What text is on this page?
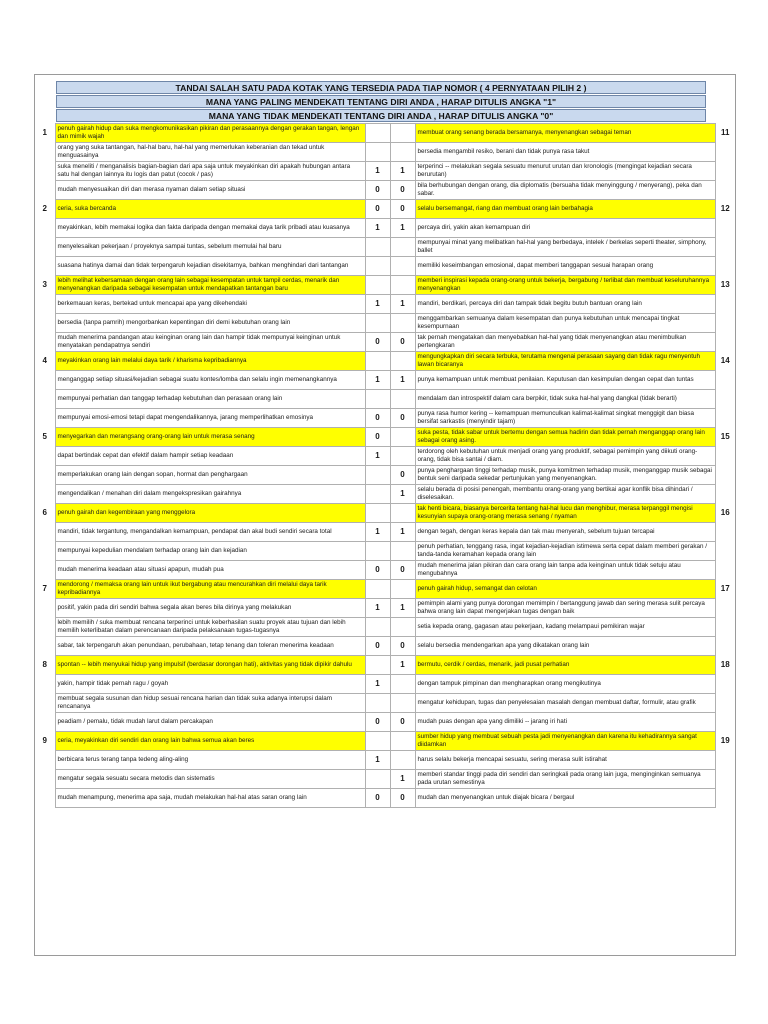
TANDAI SALAH SATU PADA KOTAK YANG TERSEDIA PADA TIAP NOMOR ( 4 PERNYATAAN PILIH 2 )
MANA YANG PALING MENDEKATI TENTANG DIRI ANDA , HARAP DITULIS ANGKA "1"
MANA YANG TIDAK MENDEKATI TENTANG DIRI ANDA , HARAP DITULIS ANGKA "0"
1	penuh gairah hidup dan suka mengkomunikasikan pikiran dan perasaannya dengan gerakan tangan, lengan dan mimik wajah			membuat orang senang berada bersamanya, menyenangkan sebagai teman	11
	orang yang suka tantangan, hal-hal baru, hal-hal yang memerlukan keberanian dan tekad untuk menguasainya			bersedia mengambil resiko, berani dan tidak punya rasa takut	
	suka meneliti / menganalisis bagian-bagian dari apa saja untuk meyakinkan diri apakah hubungan antara satu hal dengan lainnya itu logis dan patut (cocok / pas)	1	1	terperinci -- melakukan segala sesuatu menurut urutan dan kronologis (mengingat kejadian secara berurutan)	
	mudah menyesuaikan diri dan merasa nyaman dalam setiap situasi	0	0	bila berhubungan dengan orang, dia diplomatis (bersuaha tidak menyinggung / menyerang), peka dan sabar.	
2	ceria, suka bercanda	0	0	selalu bersemangat, riang dan membuat orang lain berbahagia	12
	meyakinkan, lebih memakai logika dan fakta daripada dengan memakai daya tarik pribadi atau kuasanya	1	1	percaya diri, yakin akan kemampuan diri	
	menyelesaikan pekerjaan / proyeknya sampai tuntas, sebelum memulai hal baru			mempunyai minat yang melibatkan hal-hal yang berbedaya, intelek / berkelas seperti theater, simphony, ballet	
	suasana hatinya damai dan tidak terpengaruh kejadian disekitarnya, bahkan menghindari dari tantangan			memiliki keseimbangan emosional, dapat memberi tanggapan sesuai harapan orang	
3	lebih melihat kebersamaan dengan orang lain sebagai kesempatan untuk tampil cerdas, menarik dan menyenangkan daripada sebagai kesempatan untuk mendapatkan tantangan baru			memberi inspirasi kepada orang-orang untuk bekerja, bergabung / terlibat dan membuat keseluruhannya menyenangkan	13
	berkemauan keras, bertekad untuk mencapai apa yang dikehendaki	1	1	mandiri, berdikari, percaya diri dan tampak tidak begitu butuh bantuan orang lain	
	bersedia (tanpa pamrih) mengorbankan kepentingan diri demi kebutuhan orang lain			menggambarkan semuanya dalam kesempatan dan punya kebutuhan untuk mencapai tingkat kesempurnaan	
	mudah menerima pandangan atau keinginan orang lain dan hampir tidak mempunyai keinginan untuk menyatakan pendapatnya sendiri	0	0	tak pernah mengatakan dan menyebabkan hal-hal yang tidak menyenangkan atau menimbulkan pertengkaran	
4	meyakinkan orang lain melalui daya tarik / kharisma kepribadiannya			mengungkapkan diri secara terbuka, terutama mengenai perasaan sayang dan tidak ragu menyentuh lawan bicaranya	14
	menganggap setiap situasi/kejadian sebagai suatu kontes/lomba dan selalu ingin memenangkannya	1	1	punya kemampuan untuk membuat penilaian. Keputusan dan kesimpulan dengan cepat dan tuntas	
	mempunyai perhatian dan tanggap terhadap kebutuhan dan perasaan orang lain			mendalam dan introspektif dalam cara berpikir, tidak suka hal-hal yang dangkal (tidak berarti)	
	mempunyai emosi-emosi tetapi dapat mengendalikannya, jarang memperlihatkan emosinya	0	0	punya rasa humor kering -- kemampuan memunculkan kalimat-kalimat singkat menggigit dan biasa bersifat sarkastis (menyindir tajam)	
5	menyegarkan dan merangsang orang-orang lain untuk merasa senang	0		suka pesta, tidak sabar untuk bertemu dengan semua hadirin dan tidak pernah menganggap orang lain sebagai orang asing.	15
	dapat bertindak cepat dan efektif dalam hampir setiap keadaan	1		terdorong oleh kebutuhan untuk menjadi orang yang produktif, sebagai pemimpin yang diikuti orang-orang, tidak bisa santai / diam.	
	memperlakukan orang lain dengan sopan, hormat dan penghargaan		0	punya penghargaan tinggi terhadap musik, punya komitmen terhadap musik, menganggap musik sebagai bentuk seni daripada sekedar pertunjukan yang menyenangkan.	
	mengendalikan / menahan diri dalam mengekspresikan gairahnya		1	selalu berada di posisi penengah, membantu orang-orang yang bertikai agar konflik bisa dihindari / diselesaikan.	
6	penuh gairah dan kegembiraan yang menggelora			tak henti bicara, biasanya bercerita tentang hal-hal lucu dan menghibur, merasa terpanggil mengisi kesunyian supaya orang-orang merasa senang / nyaman	16
	mandiri, tidak tergantung, mengandalkan kemampuan, pendapat dan akal budi sendiri secara total	1	1	dengan tegah, dengan keras kepala dan tak mau menyerah, sebelum tujuan tercapai	
	mempunyai kepedulian mendalam terhadap orang lain dan kejadian			penuh perhatian, tenggang rasa, ingat kejadian-kejadian istimewa serta cepat dalam memberi gerakan / tanda-tanda keramahan kepada orang lain	
	mudah menerima keadaan atau situasi apapun, mudah pua	0	0	mudah menerima jalan pikiran dan cara orang lain tanpa ada keinginan untuk tidak setuju atau mengubahnya	
7	mendorong / memaksa orang lain untuk ikut bergabung atau mencurahkan diri melalui daya tarik kepribadiannya			penuh gairah hidup, semangat dan celotan	17
	positif, yakin pada diri sendiri bahwa segala akan beres bila dirinya yang melakukan	1	1	pemimpin alami yang punya dorongan memimpin / bertanggung jawab dan sering merasa sulit percaya bahwa orang lain dapat mengerjakan tugas dengan baik	
	lebih memilih / suka membuat rencana terperinci untuk keberhasilan suatu proyek atau tujuan dan lebih memilih keterlibatan dalam perencanaan daripada pelaksanaan tugas-tugasnya			setia kepada orang, gagasan atau pekerjaan, kadang melampaui pemikiran wajar	
	sabar, tak terpengaruh akan penundaan, perubahaan, tetap tenang dan toleran menerima keadaan	0	0	selalu bersedia mendengarkan apa yang dikatakan orang lain	
8	spontan -- lebih menyukai hidup yang impulsif (berdasar dorongan hati), aktivitas yang tidak dipikir dahulu		1	bermutu, cerdik / cerdas, menarik, jadi pusat perhatian	18
	yakin, hampir tidak pernah ragu / goyah	1		dengan tampuk pimpinan dan mengharapkan orang mengikutinya	
	membuat segala susunan dan hidup sesuai rencana harian dan tidak suka adanya interupsi dalam rencananya			mengatur kehidupan, tugas dan penyelesaian masalah dengan membuat daftar, formulir, atau grafik	
	peadiam / pemalu, tidak mudah larut dalam percakapan	0	0	mudah puas dengan apa yang dimiliki -- jarang iri hati	
9	ceria, meyakinkan diri sendiri dan orang lain bahwa semua akan beres			sumber hidup yang membuat sebuah pesta jadi menyenangkan dan karena itu kehadirannya sangat diidamkan	19
	berbicara terus terang tanpa tedeng aling-aling	1		harus selalu bekerja mencapai sesuatu, sering merasa sulit istirahat	
	mengatur segala sesuatu secara metodis dan sistematis		1	memberi standar tinggi pada diri sendiri dan seringkali pada orang lain juga, menginginkan semuanya pada urutan semestinya	
	mudah menampung, menerima apa saja, mudah melakukan hal-hal atas saran orang lain	0	0	mudah dan menyenangkan untuk diajak bicara / bergaul	
